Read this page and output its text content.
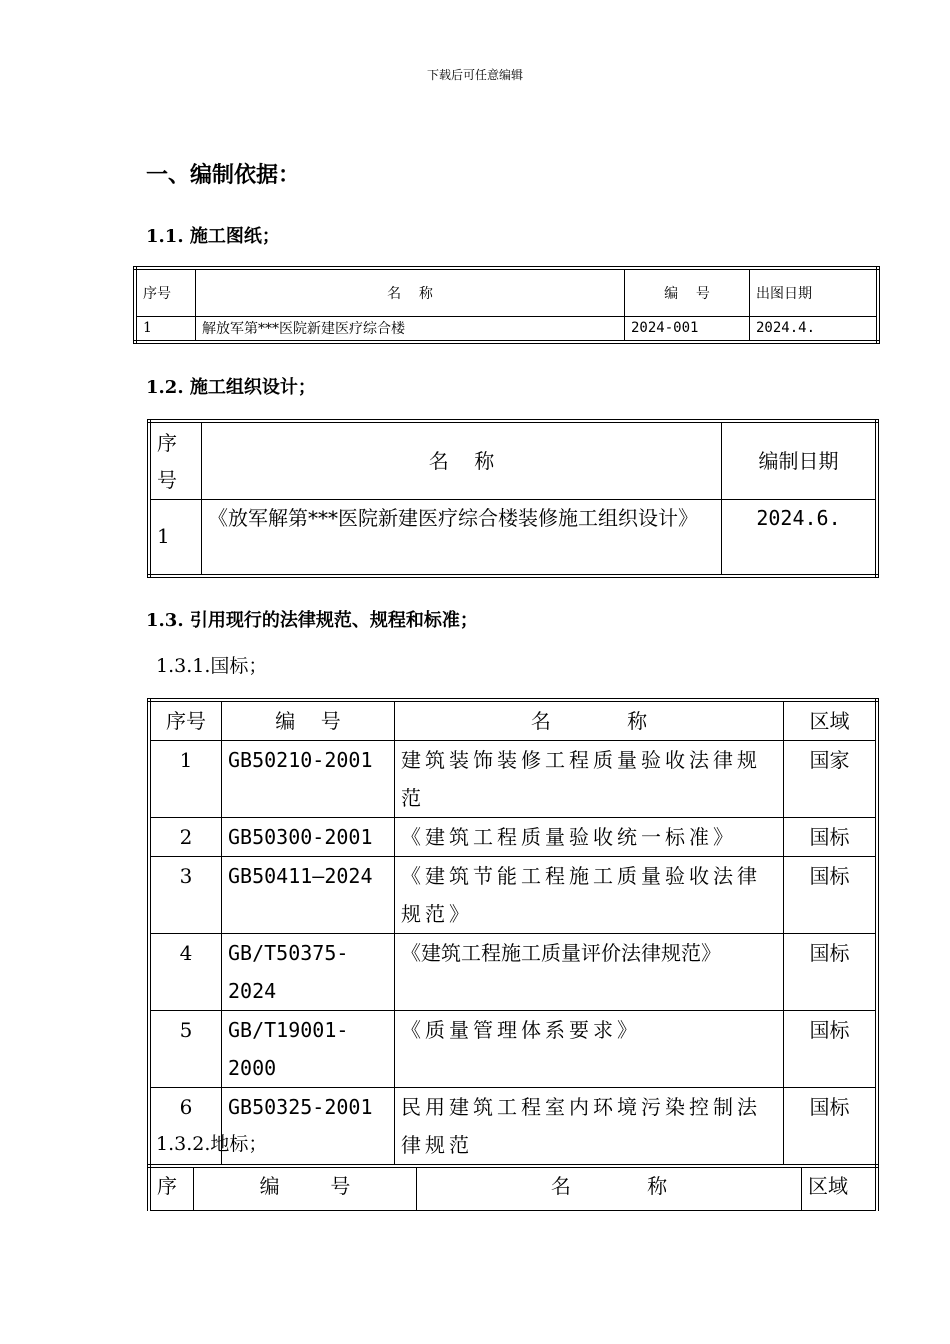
下载后可任意编辑
一、编制依据：
1.1. 施工图纸；
序号	名    称	编    号	出图日期
1	解放军第***医院新建医疗综合楼	2024-001	2024.4.
1.2. 施工组织设计；
序号	名    称	编制日期
1	《放军解第***医院新建医疗综合楼装修施工组织设计》	2024.6.
1.3. 引用现行的法律规范、规程和标准；
1.3.1.国标；
序号	编    号	名            称	区域
1	GB50210-2001	建筑装饰装修工程质量验收法律规范	国家
2	GB50300-2001	《建筑工程质量验收统一标准》	国标
3	GB50411—2024	《建筑节能工程施工质量验收法律规范》	国标
4	GB/T50375-2024	《建筑工程施工质量评价法律规范》	国标
5	GB/T19001-2000	《质量管理体系要求》	国标
6	GB50325-2001	民用建筑工程室内环境污染控制法律规范	国标
1.3.2.地标；
序	编        号	名            称	区域
